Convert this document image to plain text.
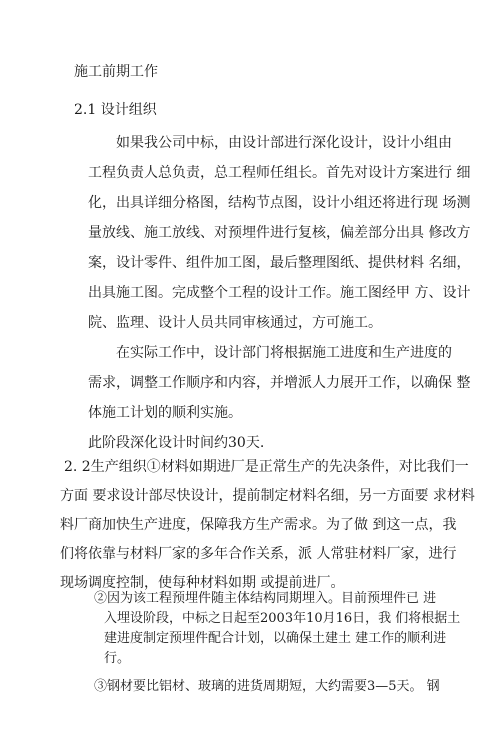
施工前期工作
2.1 设计组织
如果我公司中标，由设计部进行深化设计，设计小组由
工程负责人总负责，总工程师任组长。首先对设计方案进行 细
化，出具详细分格图，结构节点图，设计小组还将进行现 场测
量放线、施工放线、对预埋件进行复核，偏差部分出具 修改方
案，设计零件、组件加工图，最后整理图纸、提供材料 名细，
出具施工图。完成整个工程的设计工作。施工图经甲 方、设计
院、监理、设计人员共同审核通过，方可施工。
在实际工作中，设计部门将根据施工进度和生产进度的
需求，调整工作顺序和内容，并增派人力展开工作，以确保 整
体施工计划的顺利实施。
此阶段深化设计时间约30天.
2. 2生产组织①材料如期进厂是正常生产的先决条件，对比我们一
方面 要求设计部尽快设计，提前制定材料名细，另一方面要 求材料
料厂商加快生产进度，保障我方生产需求。为了做 到这一点，我
们将依靠与材料厂家的多年合作关系，派 人常驻材料厂家，进行
现场调度控制，使每种材料如期 或提前进厂。
②因为该工程预埋件随主体结构同期埋入。目前预埋件已 进
入埋设阶段，中标之日起至2003年10月16日，我 们将根据土
建进度制定预埋件配合计划，以确保土建土 建工作的顺利进
行。
③钢材要比铝材、玻璃的进货周期短，大约需要3—5天。 钢
